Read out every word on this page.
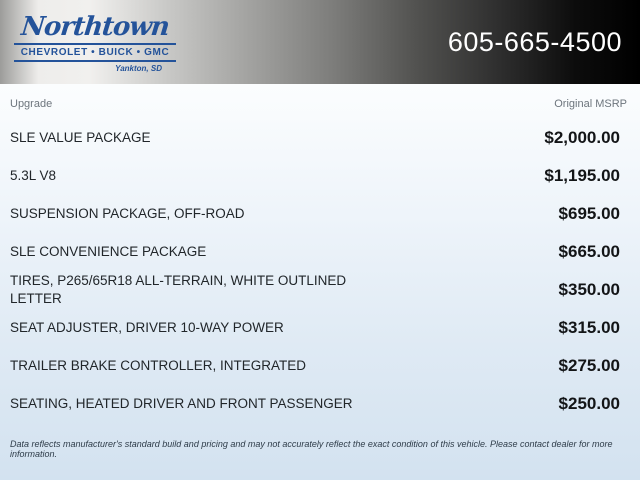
Northtown
CHEVROLET • BUICK • GMC
Yankton, SD
605-665-4500
Upgrade	Original MSRP
SLE VALUE PACKAGE	$2,000.00
5.3L V8	$1,195.00
SUSPENSION PACKAGE, OFF-ROAD	$695.00
SLE CONVENIENCE PACKAGE	$665.00
TIRES, P265/65R18 ALL-TERRAIN, WHITE OUTLINED LETTER	$350.00
SEAT ADJUSTER, DRIVER 10-WAY POWER	$315.00
TRAILER BRAKE CONTROLLER, INTEGRATED	$275.00
SEATING, HEATED DRIVER AND FRONT PASSENGER	$250.00
Data reflects manufacturer's standard build and pricing and may not accurately reflect the exact condition of this vehicle. Please contact dealer for more information.
